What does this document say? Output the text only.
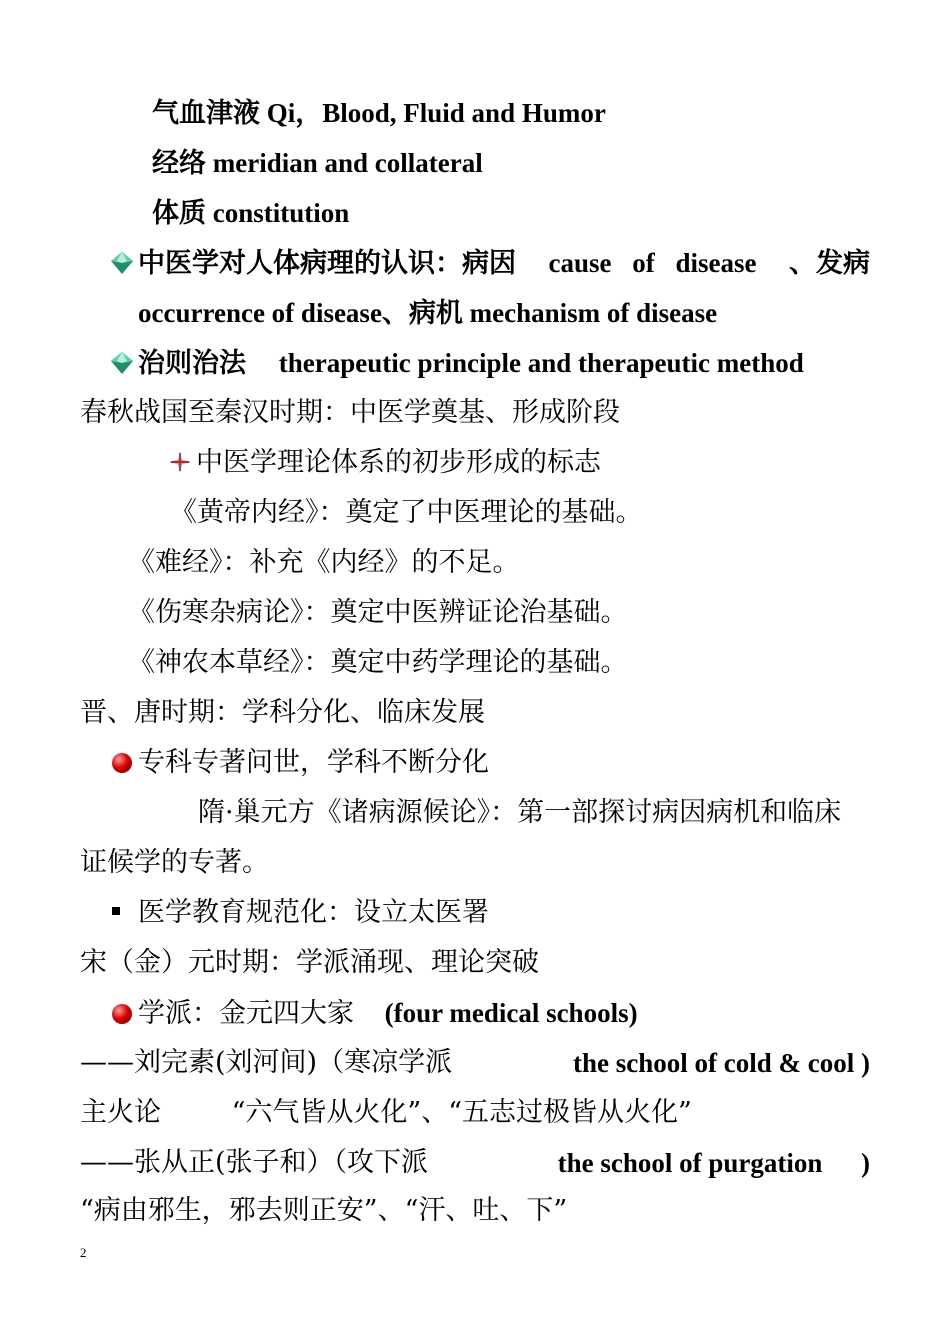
气血津液 Qi，Blood, Fluid and Humor
经络 meridian and collateral
体质 constitution
中医学对人体病理的认识：病因 cause of disease 、发病
occurrence of disease、病机 mechanism of disease
治则治法 therapeutic principle and therapeutic method
春秋战国至秦汉时期：中医学奠基、形成阶段
中医学理论体系的初步形成的标志
《黄帝内经》：奠定了中医理论的基础。
《难经》：补充《内经》的不足。
《伤寒杂病论》：奠定中医辨证论治基础。
《神农本草经》：奠定中药学理论的基础。
晋、唐时期：学科分化、临床发展
专科专著问世，学科不断分化
隋·巢元方《诸病源候论》：第一部探讨病因病机和临床
证候学的专著。
医学教育规范化：设立太医署
宋（金）元时期：学派涌现、理论突破
学派：金元四大家 (four medical schools)
——刘完素(刘河间)（寒凉学派	the school of cold & cool )
主火论	“六气皆从火化”、“五志过极皆从火化”
——张从正(张子和）（攻下派	the school of purgation )
“病由邪生，邪去则正安”、“汗、吐、下”
2
